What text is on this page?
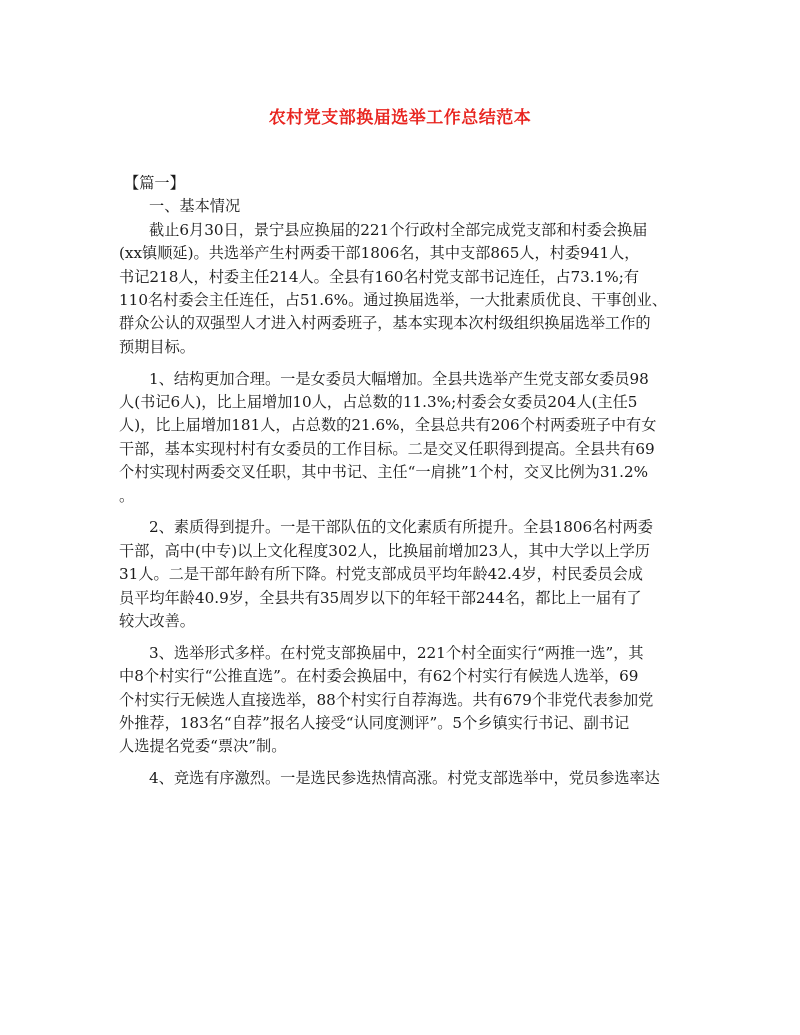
农村党支部换届选举工作总结范本
【篇一】
一、基本情况
截止6月30日，景宁县应换届的221个行政村全部完成党支部和村委会换届
(xx镇顺延)。共选举产生村两委干部1806名，其中支部865人，村委941人，
书记218人，村委主任214人。全县有160名村党支部书记连任，占73.1%;有
110名村委会主任连任，占51.6%。通过换届选举，一大批素质优良、干事创业、
群众公认的双强型人才进入村两委班子，基本实现本次村级组织换届选举工作的
预期目标。
1、结构更加合理。一是女委员大幅增加。全县共选举产生党支部女委员98
人(书记6人)，比上届增加10人，占总数的11.3%;村委会女委员204人(主任5
人)，比上届增加181人，占总数的21.6%，全县总共有206个村两委班子中有女
干部，基本实现村村有女委员的工作目标。二是交叉任职得到提高。全县共有69
个村实现村两委交叉任职，其中书记、主任“一肩挑”1个村，交叉比例为31.2%
。
2、素质得到提升。一是干部队伍的文化素质有所提升。全县1806名村两委
干部，高中(中专)以上文化程度302人，比换届前增加23人，其中大学以上学历
31人。二是干部年龄有所下降。村党支部成员平均年龄42.4岁，村民委员会成
员平均年龄40.9岁，全县共有35周岁以下的年轻干部244名，都比上一届有了
较大改善。
3、选举形式多样。在村党支部换届中，221个村全面实行“两推一选”，其
中8个村实行“公推直选”。在村委会换届中，有62个村实行有候选人选举，69
个村实行无候选人直接选举，88个村实行自荐海选。共有679个非党代表参加党
外推荐，183名“自荐”报名人接受“认同度测评”。5个乡镇实行书记、副书记
人选提名党委“票决”制。
4、竞选有序激烈。一是选民参选热情高涨。村党支部选举中，党员参选率达
